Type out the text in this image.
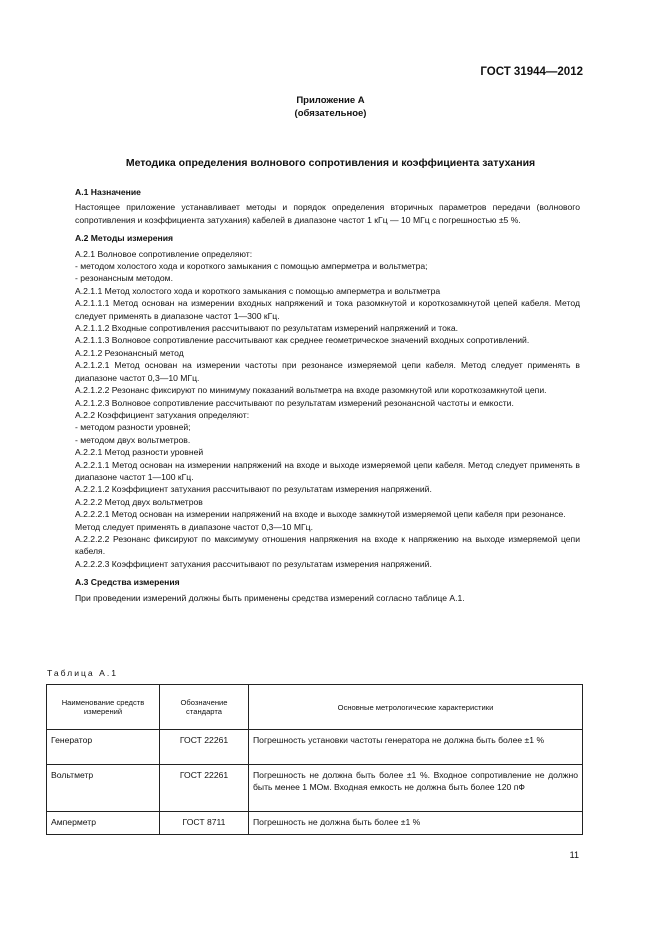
ГОСТ 31944—2012
Приложение А
(обязательное)
Методика определения волнового сопротивления и коэффициента затухания

А.1 Назначение

Настоящее приложение устанавливает методы и порядок определения вторичных параметров передачи (волнового сопротивления и коэффициента затухания) кабелей в диапазоне частот 1 кГц — 10 МГц с погрешностью ±5 %.

А.2 Методы измерения

А.2.1 Волновое сопротивление определяют:

- методом холостого хода и короткого замыкания с помощью амперметра и вольтметра;

- резонансным методом.

А.2.1.1 Метод холостого хода и короткого замыкания с помощью амперметра и вольтметра

А.2.1.1.1 Метод основан на измерении входных напряжений и тока разомкнутой и короткозамкнутой цепей кабеля. Метод следует применять в диапазоне частот 1—300 кГц.

А.2.1.1.2 Входные сопротивления рассчитывают по результатам измерений напряжений и тока.

А.2.1.1.3 Волновое сопротивление рассчитывают как среднее геометрическое значений входных сопротивлений.

А.2.1.2 Резонансный метод

А.2.1.2.1 Метод основан на измерении частоты при резонансе измеряемой цепи кабеля. Метод следует применять в диапазоне частот 0,3—10 МГц.

А.2.1.2.2 Резонанс фиксируют по минимуму показаний вольтметра на входе разомкнутой или короткозамкнутой цепи.

А.2.1.2.3 Волновое сопротивление рассчитывают по результатам измерений резонансной частоты и емкости.

А.2.2 Коэффициент затухания определяют:

- методом разности уровней;

- методом двух вольтметров.

А.2.2.1 Метод разности уровней

А.2.2.1.1 Метод основан на измерении напряжений на входе и выходе измеряемой цепи кабеля. Метод следует применять в диапазоне частот 1—100 кГц.

А.2.2.1.2 Коэффициент затухания рассчитывают по результатам измерения напряжений.

А.2.2.2 Метод двух вольтметров

А.2.2.2.1 Метод основан на измерении напряжений на входе и выходе замкнутой измеряемой цепи кабеля при резонансе.

Метод следует применять в диапазоне частот 0,3—10 МГц.

А.2.2.2.2 Резонанс фиксируют по максимуму отношения напряжения на входе к напряжению на выходе измеряемой цепи кабеля.

А.2.2.2.3 Коэффициент затухания рассчитывают по результатам измерения напряжений.

А.3 Средства измерения

При проведении измерений должны быть применены средства измерений согласно таблице А.1.

Таблица А.1
Наименование средств измерений	Обозначение стандарта	Основные метрологические характеристики
Генератор	ГОСТ 22261	Погрешность установки частоты генератора не должна быть более ±1 %
Вольтметр	ГОСТ 22261	Погрешность не должна быть более ±1 %. Входное сопротивление не должно быть менее 1 МОм. Входная емкость не должна быть более 120 пФ
Амперметр	ГОСТ 8711	Погрешность не должна быть более ±1 %
11
